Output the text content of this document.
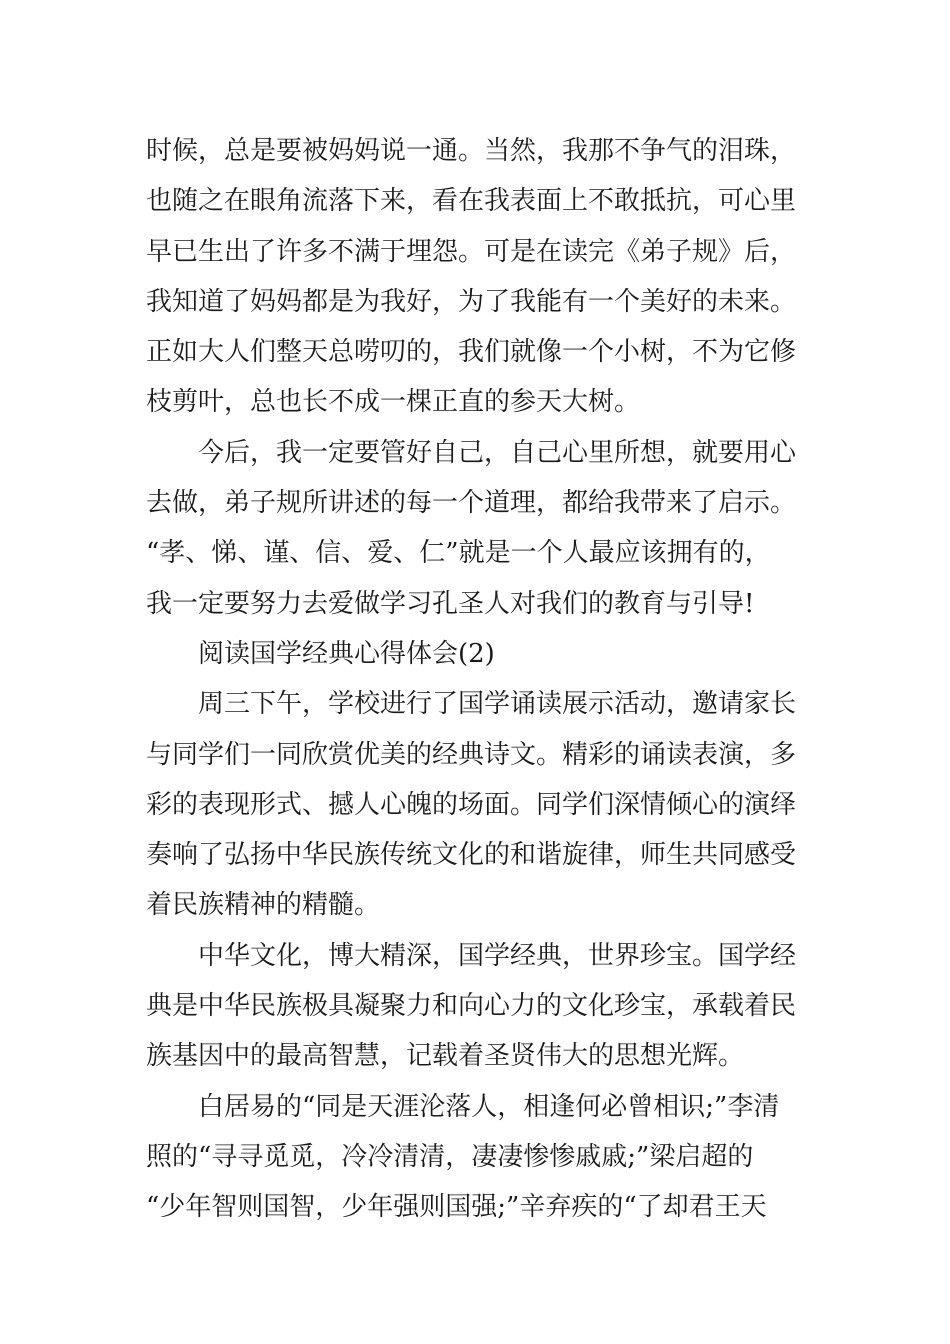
时候，总是要被妈妈说一通。当然，我那不争气的泪珠，
也随之在眼角流落下来，看在我表面上不敢抵抗，可心里
早已生出了许多不满于埋怨。可是在读完《弟子规》后，
我知道了妈妈都是为我好，为了我能有一个美好的未来。
正如大人们整天总唠叨的，我们就像一个小树，不为它修
枝剪叶，总也长不成一棵正直的参天大树。
今后，我一定要管好自己，自己心里所想，就要用心
去做，弟子规所讲述的每一个道理，都给我带来了启示。
“孝、悌、谨、信、爱、仁”就是一个人最应该拥有的，
我一定要努力去爱做学习孔圣人对我们的教育与引导!
阅读国学经典心得体会(2)
周三下午，学校进行了国学诵读展示活动，邀请家长
与同学们一同欣赏优美的经典诗文。精彩的诵读表演，多
彩的表现形式、撼人心魄的场面。同学们深情倾心的演绎
奏响了弘扬中华民族传统文化的和谐旋律，师生共同感受
着民族精神的精髓。
中华文化，博大精深，国学经典，世界珍宝。国学经
典是中华民族极具凝聚力和向心力的文化珍宝，承载着民
族基因中的最高智慧，记载着圣贤伟大的思想光辉。
白居易的“同是天涯沦落人，相逢何必曾相识;”李清
照的“寻寻觅觅，冷冷清清，凄凄惨惨戚戚;”梁启超的
“少年智则国智，少年强则国强;”辛弃疾的“了却君王天
